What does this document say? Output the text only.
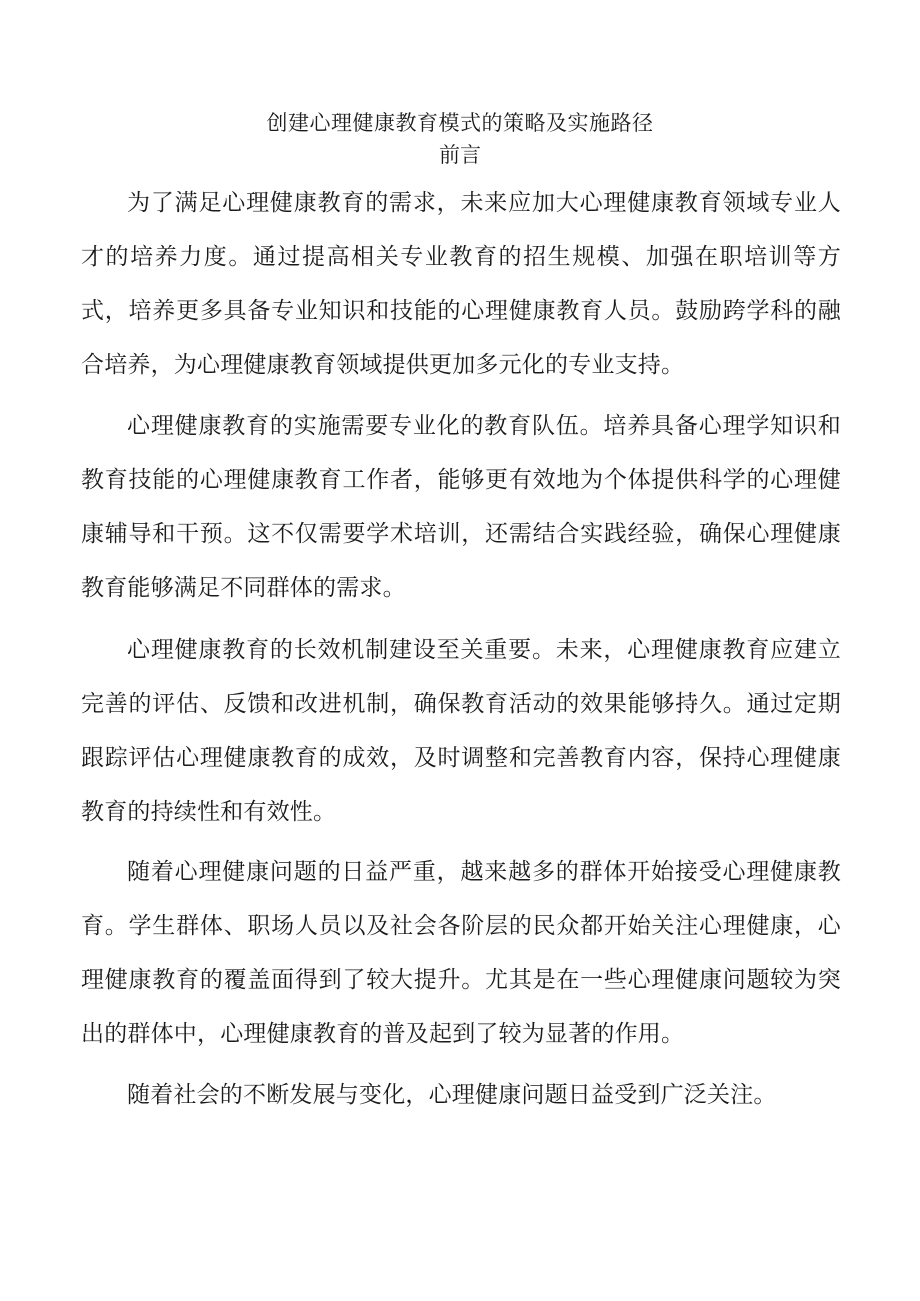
创建心理健康教育模式的策略及实施路径
前言

为了满足心理健康教育的需求，未来应加大心理健康教育领域专业人才的培养力度。通过提高相关专业教育的招生规模、加强在职培训等方式，培养更多具备专业知识和技能的心理健康教育人员。鼓励跨学科的融合培养，为心理健康教育领域提供更加多元化的专业支持。

心理健康教育的实施需要专业化的教育队伍。培养具备心理学知识和教育技能的心理健康教育工作者，能够更有效地为个体提供科学的心理健康辅导和干预。这不仅需要学术培训，还需结合实践经验，确保心理健康教育能够满足不同群体的需求。

心理健康教育的长效机制建设至关重要。未来，心理健康教育应建立完善的评估、反馈和改进机制，确保教育活动的效果能够持久。通过定期跟踪评估心理健康教育的成效，及时调整和完善教育内容，保持心理健康教育的持续性和有效性。

随着心理健康问题的日益严重，越来越多的群体开始接受心理健康教育。学生群体、职场人员以及社会各阶层的民众都开始关注心理健康，心理健康教育的覆盖面得到了较大提升。尤其是在一些心理健康问题较为突出的群体中，心理健康教育的普及起到了较为显著的作用。

随着社会的不断发展与变化，心理健康问题日益受到广泛关注。
